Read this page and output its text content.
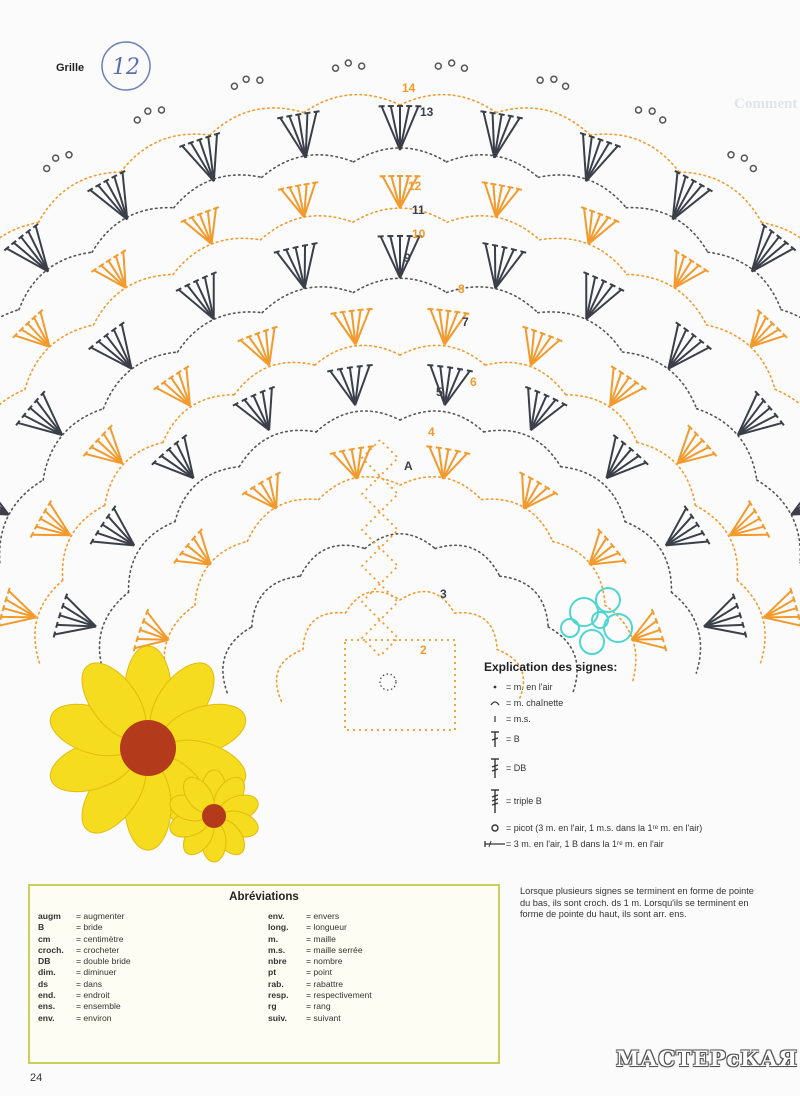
Comment
A
2
3
4
5
6
7
8
9
10
11
12
13
14
12
Grille
Explication des signes:
= m. en l'air
= m. chaînette
= m.s.
= B
= DB
= triple B
= picot (3 m. en l'air, 1 m.s. dans la 1ʳᵉ m. en l'air)
= 3 m. en l'air, 1 B dans la 1ʳᵉ m. en l'air
Lorsque plusieurs signes se terminent en forme de pointe du bas, ils sont croch. ds 1 m. Lorsqu'ils se terminent en forme de pointe du haut, ils sont arr. ens.
Abréviations
augm	= augmenter
B	= bride
cm	= centimètre
croch.	= crocheter
DB	= double bride
dim.	= diminuer
ds	= dans
end.	= endroit
ens.	= ensemble
env.	= environ
env.	= envers
long.	= longueur
m.	= maille
m.s.	= maille serrée
nbre	= nombre
pt	= point
rab.	= rabattre
resp.	= respectivement
rg	= rang
suiv.	= suivant
24
МАСТЕРсКАЯ
